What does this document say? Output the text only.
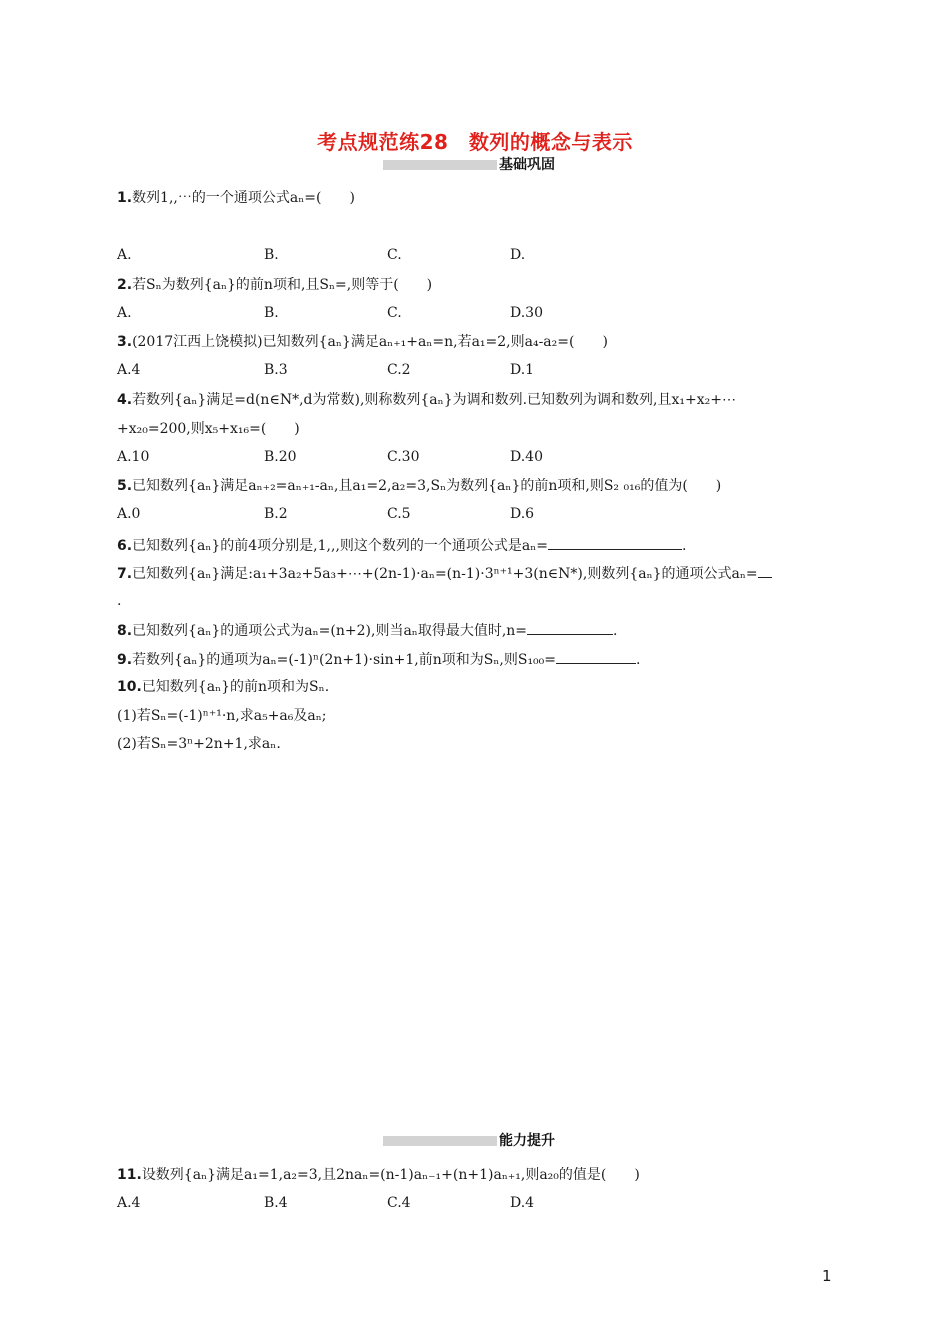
考点规范练28　数列的概念与表示
基础巩固
1.数列1,,⋯的一个通项公式aₙ=(　　)
A.	B.	C.	D.
2.若Sₙ为数列{aₙ}的前n项和,且Sₙ=,则等于(　　)
A.	B.	C.	D.30
3.(2017江西上饶模拟)已知数列{aₙ}满足aₙ₊₁+aₙ=n,若a₁=2,则a₄-a₂=(　　)
A.4	B.3	C.2	D.1
4.若数列{aₙ}满足=d(n∈N*,d为常数),则称数列{aₙ}为调和数列.已知数列为调和数列,且x₁+x₂+⋯
+x₂₀=200,则x₅+x₁₆=(　　)
A.10	B.20	C.30	D.40
5.已知数列{aₙ}满足aₙ₊₂=aₙ₊₁-aₙ,且a₁=2,a₂=3,Sₙ为数列{aₙ}的前n项和,则S₂ ₀₁₆的值为(　　)
A.0	B.2	C.5	D.6
6.已知数列{aₙ}的前4项分别是,1,,,则这个数列的一个通项公式是aₙ=	.
7.已知数列{aₙ}满足:a₁+3a₂+5a₃+⋯+(2n-1)·aₙ=(n-1)·3ⁿ⁺¹+3(n∈N*),则数列{aₙ}的通项公式aₙ=
.
8.已知数列{aₙ}的通项公式为aₙ=(n+2),则当aₙ取得最大值时,n=	.
9.若数列{aₙ}的通项为aₙ=(-1)ⁿ(2n+1)·sin+1,前n项和为Sₙ,则S₁₀₀=	.
10.已知数列{aₙ}的前n项和为Sₙ.
(1)若Sₙ=(-1)ⁿ⁺¹·n,求a₅+a₆及aₙ;
(2)若Sₙ=3ⁿ+2n+1,求aₙ.
能力提升
11.设数列{aₙ}满足a₁=1,a₂=3,且2naₙ=(n-1)aₙ₋₁+(n+1)aₙ₊₁,则a₂₀的值是(　　)
A.4	B.4	C.4	D.4
1
